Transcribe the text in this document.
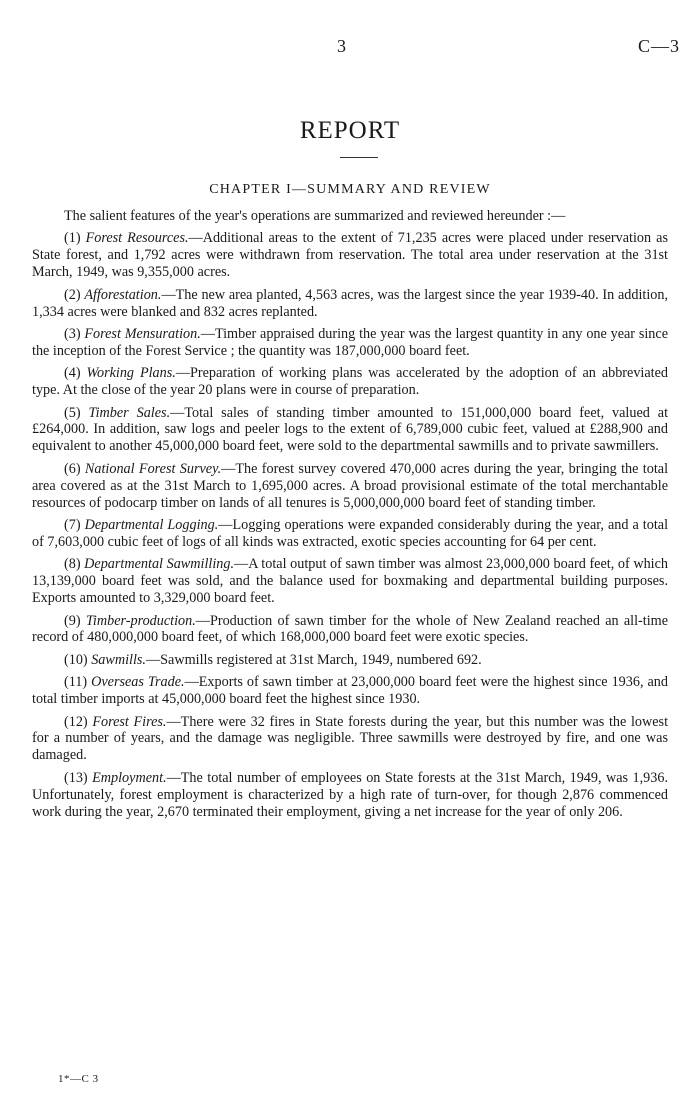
3	C—3
REPORT
CHAPTER I—SUMMARY AND REVIEW

The salient features of the year's operations are summarized and reviewed hereunder :—

(1) Forest Resources.—Additional areas to the extent of 71,235 acres were placed under reservation as State forest, and 1,792 acres were withdrawn from reservation. The total area under reservation at the 31st March, 1949, was 9,355,000 acres.

(2) Afforestation.—The new area planted, 4,563 acres, was the largest since the year 1939-40. In addition, 1,334 acres were blanked and 832 acres replanted.

(3) Forest Mensuration.—Timber appraised during the year was the largest quantity in any one year since the inception of the Forest Service ; the quantity was 187,000,000 board feet.

(4) Working Plans.—Preparation of working plans was accelerated by the adoption of an abbreviated type. At the close of the year 20 plans were in course of preparation.

(5) Timber Sales.—Total sales of standing timber amounted to 151,000,000 board feet, valued at £264,000. In addition, saw logs and peeler logs to the extent of 6,789,000 cubic feet, valued at £288,900 and equivalent to another 45,000,000 board feet, were sold to the departmental sawmills and to private sawmillers.

(6) National Forest Survey.—The forest survey covered 470,000 acres during the year, bringing the total area covered as at the 31st March to 1,695,000 acres. A broad provisional estimate of the total merchantable resources of podocarp timber on lands of all tenures is 5,000,000,000 board feet of standing timber.

(7) Departmental Logging.—Logging operations were expanded considerably during the year, and a total of 7,603,000 cubic feet of logs of all kinds was extracted, exotic species accounting for 64 per cent.

(8) Departmental Sawmilling.—A total output of sawn timber was almost 23,000,000 board feet, of which 13,139,000 board feet was sold, and the balance used for boxmaking and departmental building purposes. Exports amounted to 3,329,000 board feet.

(9) Timber-production.—Production of sawn timber for the whole of New Zealand reached an all-time record of 480,000,000 board feet, of which 168,000,000 board feet were exotic species.

(10) Sawmills.—Sawmills registered at 31st March, 1949, numbered 692.

(11) Overseas Trade.—Exports of sawn timber at 23,000,000 board feet were the highest since 1936, and total timber imports at 45,000,000 board feet the highest since 1930.

(12) Forest Fires.—There were 32 fires in State forests during the year, but this number was the lowest for a number of years, and the damage was negligible. Three sawmills were destroyed by fire, and one was damaged.

(13) Employment.—The total number of employees on State forests at the 31st March, 1949, was 1,936. Unfortunately, forest employment is characterized by a high rate of turn-over, for though 2,876 commenced work during the year, 2,670 terminated their employment, giving a net increase for the year of only 206.

1*—C 3
